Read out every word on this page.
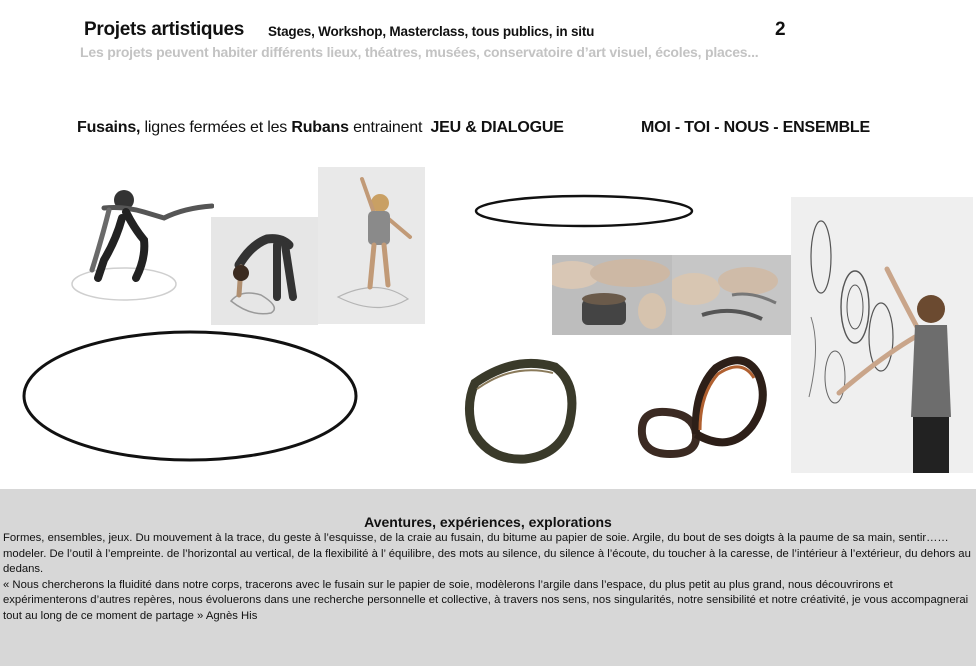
Projets artistiques Stages, Workshop, Masterclass, tous publics, in situ	2
Les projets peuvent habiter différents lieux, théatres, musées, conservatoire d’art visuel, écoles, places...
Fusains, lignes fermées et les Rubans entrainent JEU & DIALOGUE	MOI - TOI - NOUS - ENSEMBLE
Aventures, expériences, explorations

Formes, ensembles, jeux. Du mouvement à la trace, du geste à l’esquisse, de la craie au fusain, du bitume au papier de soie. Argile, du bout de ses doigts à la paume de sa main, sentir……modeler. De l’outil à l’empreinte. de l’horizontal au vertical, de la flexibilité à l’ équilibre, des mots au silence, du silence à l’écoute, du toucher à la caresse, de l’intérieur à l’extérieur, du dehors au dedans.

« Nous chercherons la fluidité dans notre corps, tracerons avec le fusain sur le papier de soie, modèlerons l’argile dans l’espace, du plus petit au plus grand, nous découvrirons et expérimenterons d’autres repères, nous évoluerons dans une recherche personnelle et collective, à travers nos sens, nos singularités, notre sensibilité et notre créativité, je vous accompagnerai tout au long de ce moment de partage » Agnès His
